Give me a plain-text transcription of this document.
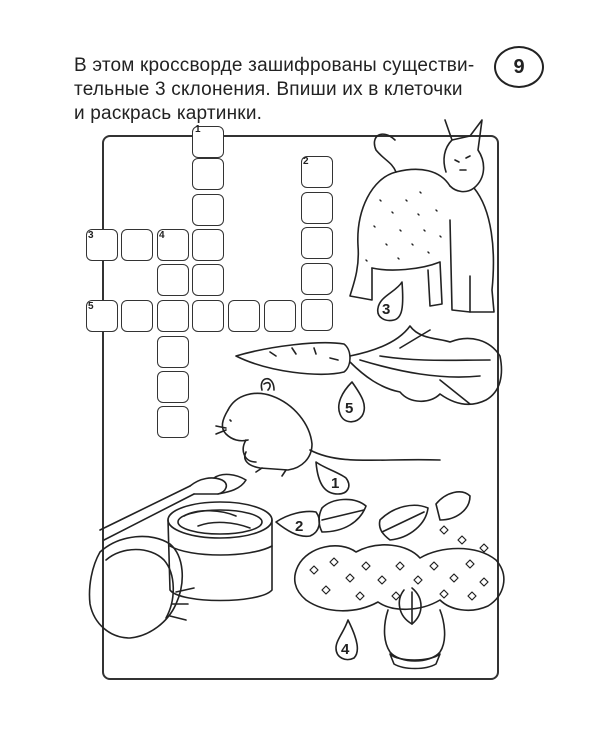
В этом кроссворде зашифрованы существи-
тельные 3 склонения. Впиши их в клеточки
и раскрась картинки.
9
1
2
3	4
5	3
5
1
2
4
